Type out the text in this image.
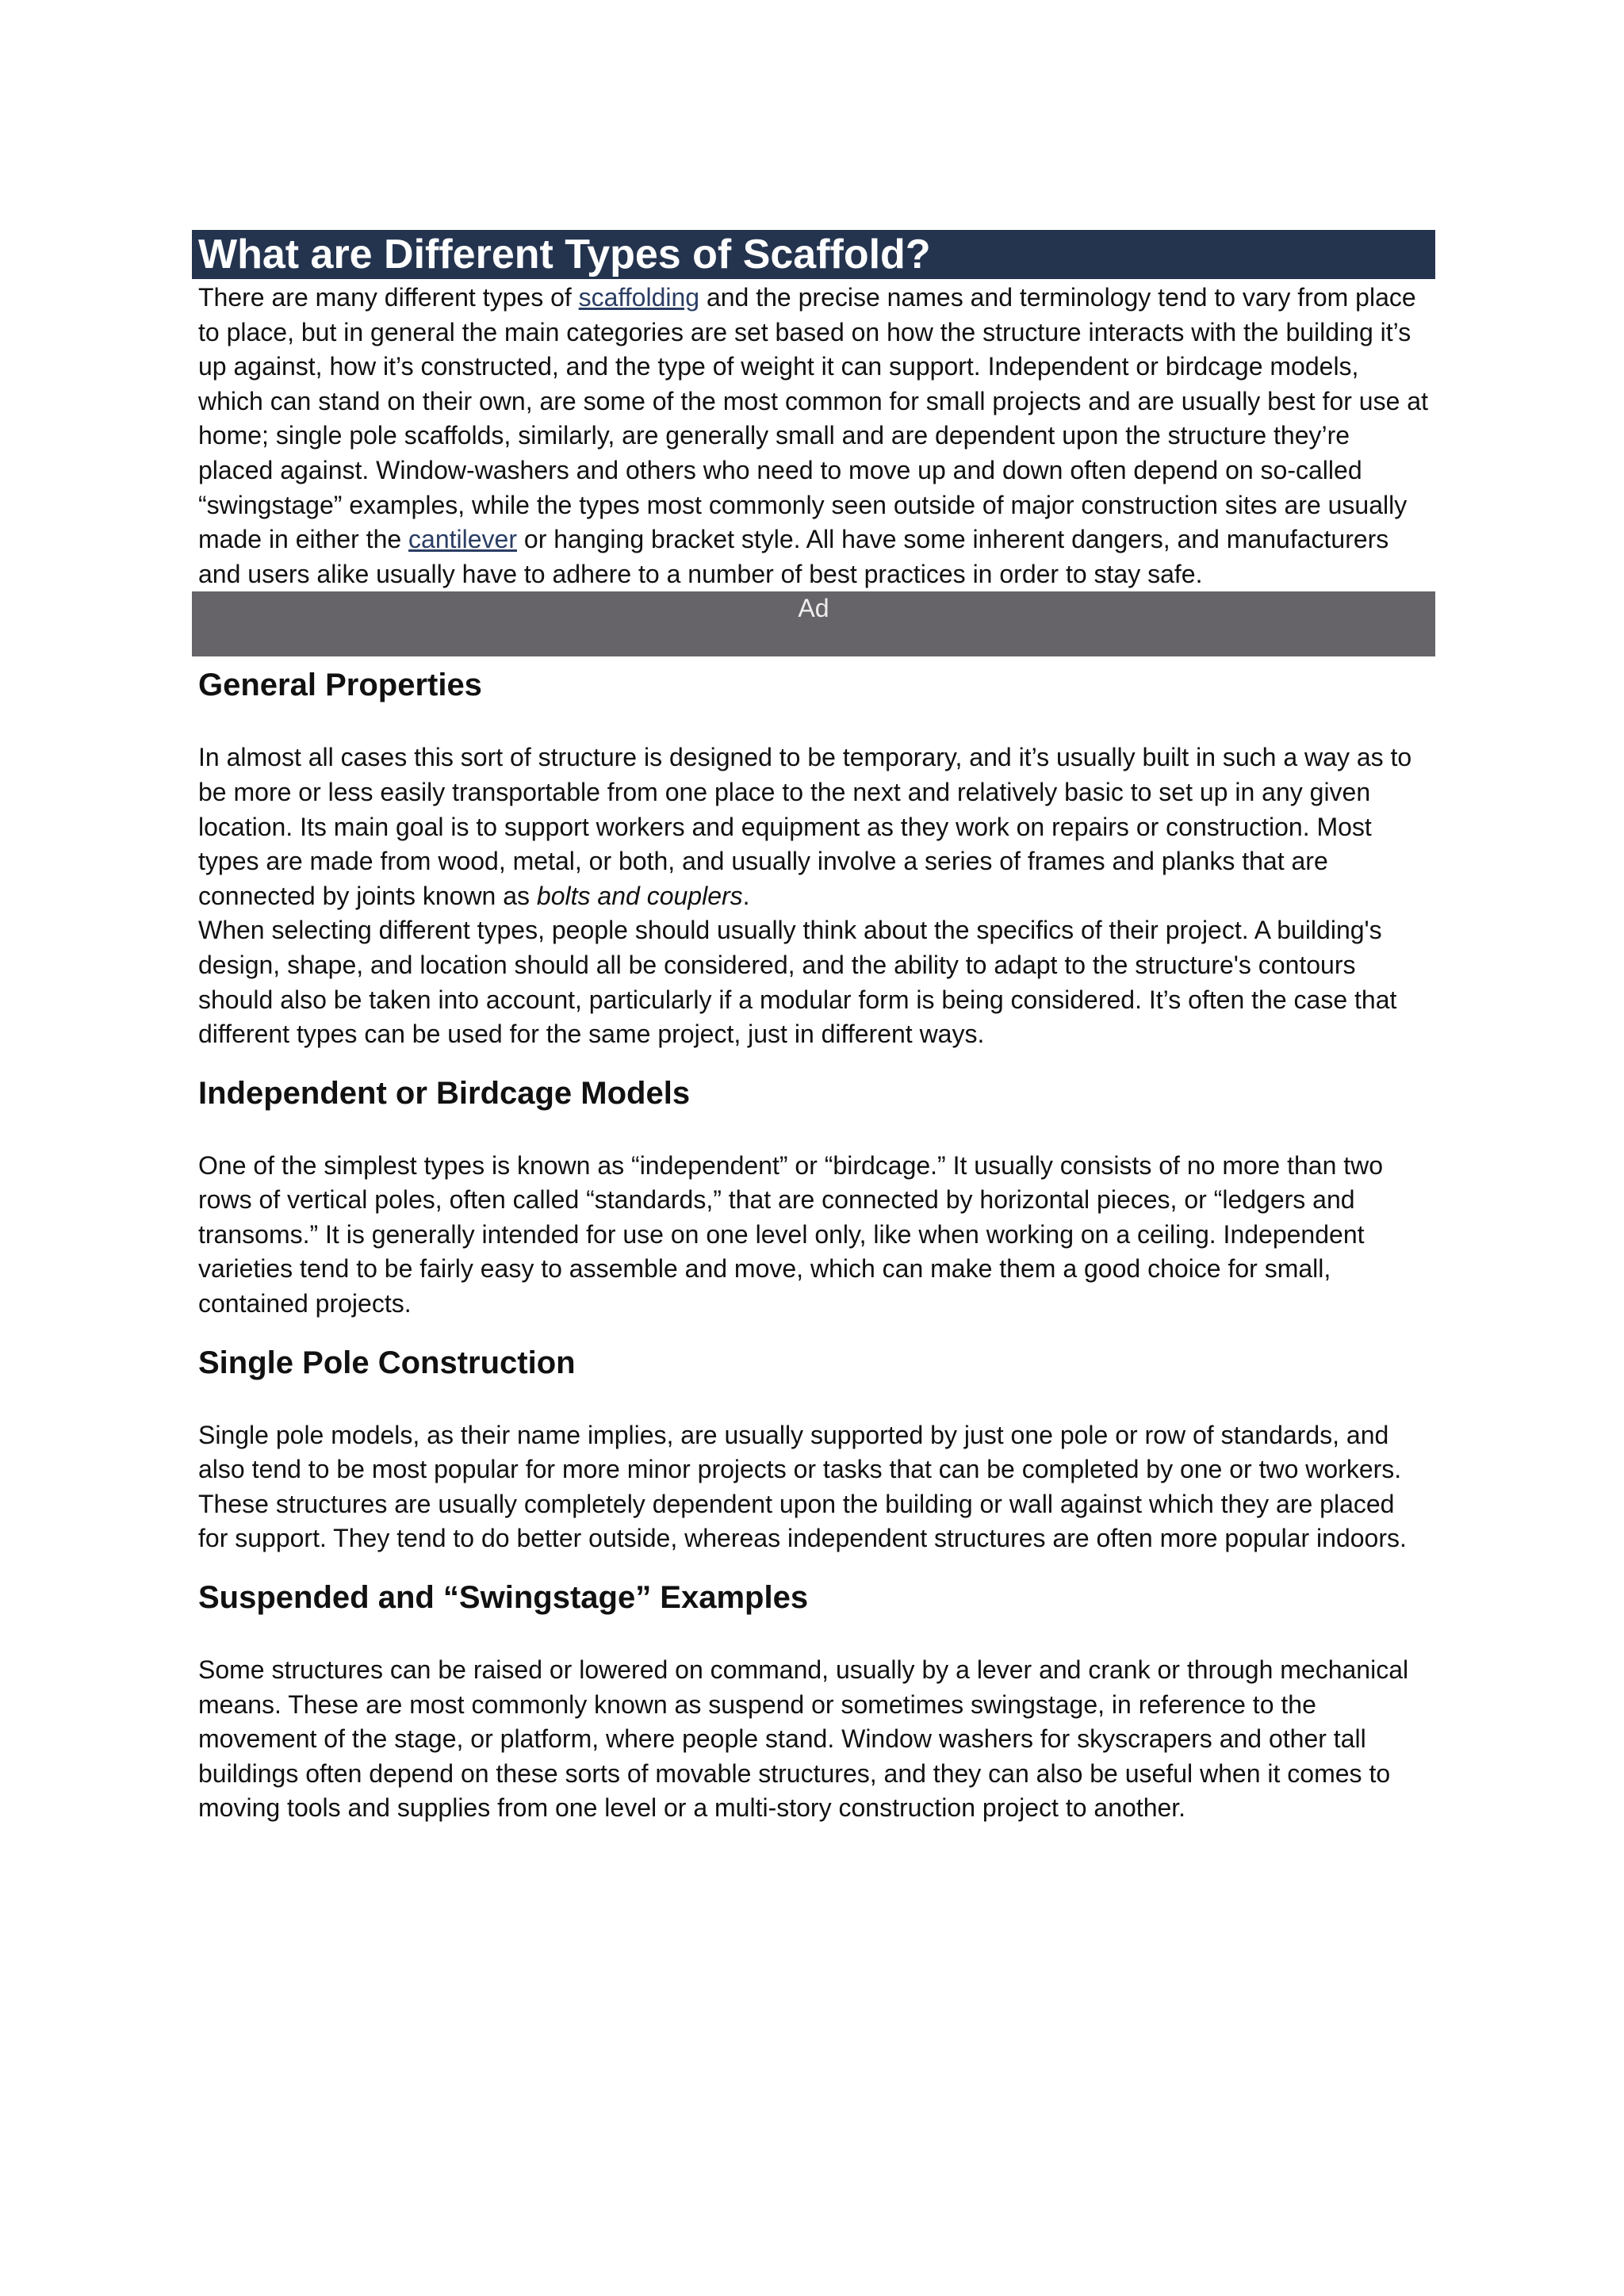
What are Different Types of Scaffold?

There are many different types of scaffolding and the precise names and terminology tend to vary from place to place, but in general the main categories are set based on how the structure interacts with the building it’s up against, how it’s constructed, and the type of weight it can support. Independent or birdcage models, which can stand on their own, are some of the most common for small projects and are usually best for use at home; single pole scaffolds, similarly, are generally small and are dependent upon the structure they’re placed against. Window-washers and others who need to move up and down often depend on so-called “swingstage” examples, while the types most commonly seen outside of major construction sites are usually made in either the cantilever or hanging bracket style. All have some inherent dangers, and manufacturers and users alike usually have to adhere to a number of best practices in order to stay safe.

Ad
General Properties

In almost all cases this sort of structure is designed to be temporary, and it’s usually built in such a way as to be more or less easily transportable from one place to the next and relatively basic to set up in any given location. Its main goal is to support workers and equipment as they work on repairs or construction. Most types are made from wood, metal, or both, and usually involve a series of frames and planks that are connected by joints known as bolts and couplers.

When selecting different types, people should usually think about the specifics of their project. A building's design, shape, and location should all be considered, and the ability to adapt to the structure's contours should also be taken into account, particularly if a modular form is being considered. It’s often the case that different types can be used for the same project, just in different ways.

Independent or Birdcage Models

One of the simplest types is known as “independent” or “birdcage.” It usually consists of no more than two rows of vertical poles, often called “standards,” that are connected by horizontal pieces, or “ledgers and transoms.” It is generally intended for use on one level only, like when working on a ceiling. Independent varieties tend to be fairly easy to assemble and move, which can make them a good choice for small, contained projects.

Single Pole Construction

Single pole models, as their name implies, are usually supported by just one pole or row of standards, and also tend to be most popular for more minor projects or tasks that can be completed by one or two workers. These structures are usually completely dependent upon the building or wall against which they are placed for support. They tend to do better outside, whereas independent structures are often more popular indoors.

Suspended and “Swingstage” Examples

Some structures can be raised or lowered on command, usually by a lever and crank or through mechanical means. These are most commonly known as suspend or sometimes swingstage, in reference to the movement of the stage, or platform, where people stand. Window washers for skyscrapers and other tall buildings often depend on these sorts of movable structures, and they can also be useful when it comes to moving tools and supplies from one level or a multi-story construction project to another.
